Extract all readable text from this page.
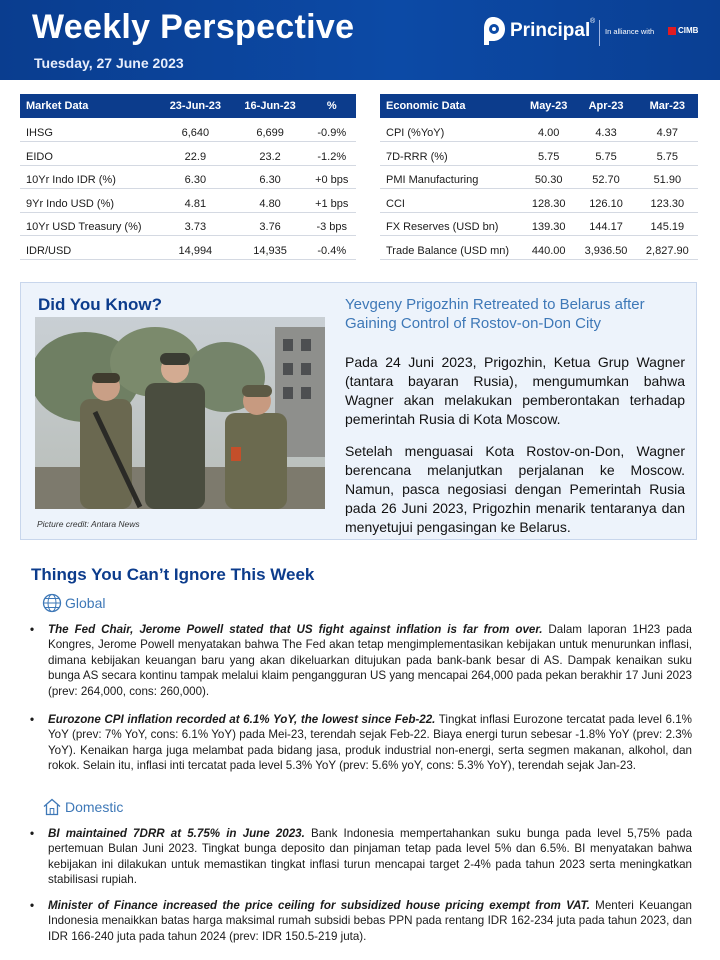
Weekly Perspective
Tuesday, 27 June 2023
Principal ®
In alliance with	CIMB
Market Data	23-Jun-23	16-Jun-23	%
IHSG	6,640	6,699	-0.9%
EIDO	22.9	23.2	-1.2%
10Yr Indo IDR (%)	6.30	6.30	+0 bps
9Yr Indo USD (%)	4.81	4.80	+1 bps
10Yr USD Treasury (%)	3.73	3.76	-3 bps
IDR/USD	14,994	14,935	-0.4%
Economic Data	May-23	Apr-23	Mar-23
CPI (%YoY)	4.00	4.33	4.97
7D-RRR (%)	5.75	5.75	5.75
PMI Manufacturing	50.30	52.70	51.90
CCI	128.30	126.10	123.30
FX Reserves (USD bn)	139.30	144.17	145.19
Trade Balance (USD mn)	440.00	3,936.50	2,827.90
Did You Know?
Picture credit: Antara News
Yevgeny Prigozhin Retreated to Belarus after Gaining Control of Rostov-on-Don City
Pada 24 Juni 2023, Prigozhin, Ketua Grup Wagner (tantara bayaran Rusia), mengumumkan bahwa Wagner akan melakukan pemberontakan terhadap pemerintah Rusia di Kota Moscow.
Setelah menguasai Kota Rostov-on-Don, Wagner berencana melanjutkan perjalanan ke Moscow. Namun, pasca negosiasi dengan Pemerintah Rusia pada 26 Juni 2023, Prigozhin menarik tentaranya dan menyetujui pengasingan ke Belarus.
Things You Can’t Ignore This Week
Global
• The Fed Chair, Jerome Powell stated that US fight against inflation is far from over. Dalam laporan 1H23 pada Kongres, Jerome Powell menyatakan bahwa The Fed akan tetap mengimplementasikan kebijakan untuk menurunkan inflasi, dimana kebijakan keuangan baru yang akan dikeluarkan ditujukan pada bank-bank besar di AS. Dampak kenaikan suku bunga AS secara kontinu tampak melalui klaim pengangguran US yang mencapai 264,000 pada pekan berakhir 17 Juni 2023 (prev: 264,000, cons: 260,000).
• Eurozone CPI inflation recorded at 6.1% YoY, the lowest since Feb-22. Tingkat inflasi Eurozone tercatat pada level 6.1% YoY (prev: 7% YoY, cons: 6.1% YoY) pada Mei-23, terendah sejak Feb-22. Biaya energi turun sebesar -1.8% YoY (prev: 2.3% YoY). Kenaikan harga juga melambat pada bidang jasa, produk industrial non-energi, serta segmen makanan, alkohol, dan rokok. Selain itu, inflasi inti tercatat pada level 5.3% YoY (prev: 5.6% yoY, cons: 5.3% YoY), terendah sejak Jan-23.
Domestic
• BI maintained 7DRR at 5.75% in June 2023. Bank Indonesia mempertahankan suku bunga pada level 5,75% pada pertemuan Bulan Juni 2023. Tingkat bunga deposito dan pinjaman tetap pada level 5% dan 6.5%. BI menyatakan bahwa kebijakan ini dilakukan untuk memastikan tingkat inflasi turun mencapai target 2-4% pada tahun 2023 serta meningkatkan stabilisasi rupiah.
• Minister of Finance increased the price ceiling for subsidized house pricing exempt from VAT. Menteri Keuangan Indonesia menaikkan batas harga maksimal rumah subsidi bebas PPN pada rentang IDR 162-234 juta pada tahun 2023, dan IDR 166-240 juta pada tahun 2024 (prev: IDR 150.5-219 juta).
